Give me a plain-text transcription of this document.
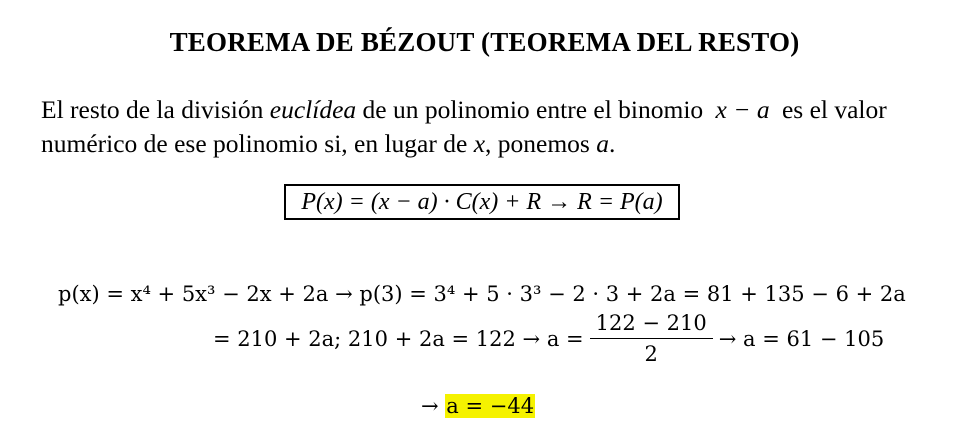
TEOREMA DE BÉZOUT (TEOREMA DEL RESTO)
El resto de la división euclídea de un polinomio entre el binomio x − a es el valor numérico de ese polinomio si, en lugar de x, ponemos a.
P(x) = (x − a) · C(x) + R
→
R = P(a)
p(x) = x⁴ + 5x³ − 2x + 2a → p(3) = 3⁴ + 5 · 3³ − 2 · 3 + 2a = 81 + 135 − 6 + 2a
= 210 + 2a; $210 + 2a = 122 \to a = \frac{122 - 210}{2} \to a = 61 - 105$
→ a = −44
